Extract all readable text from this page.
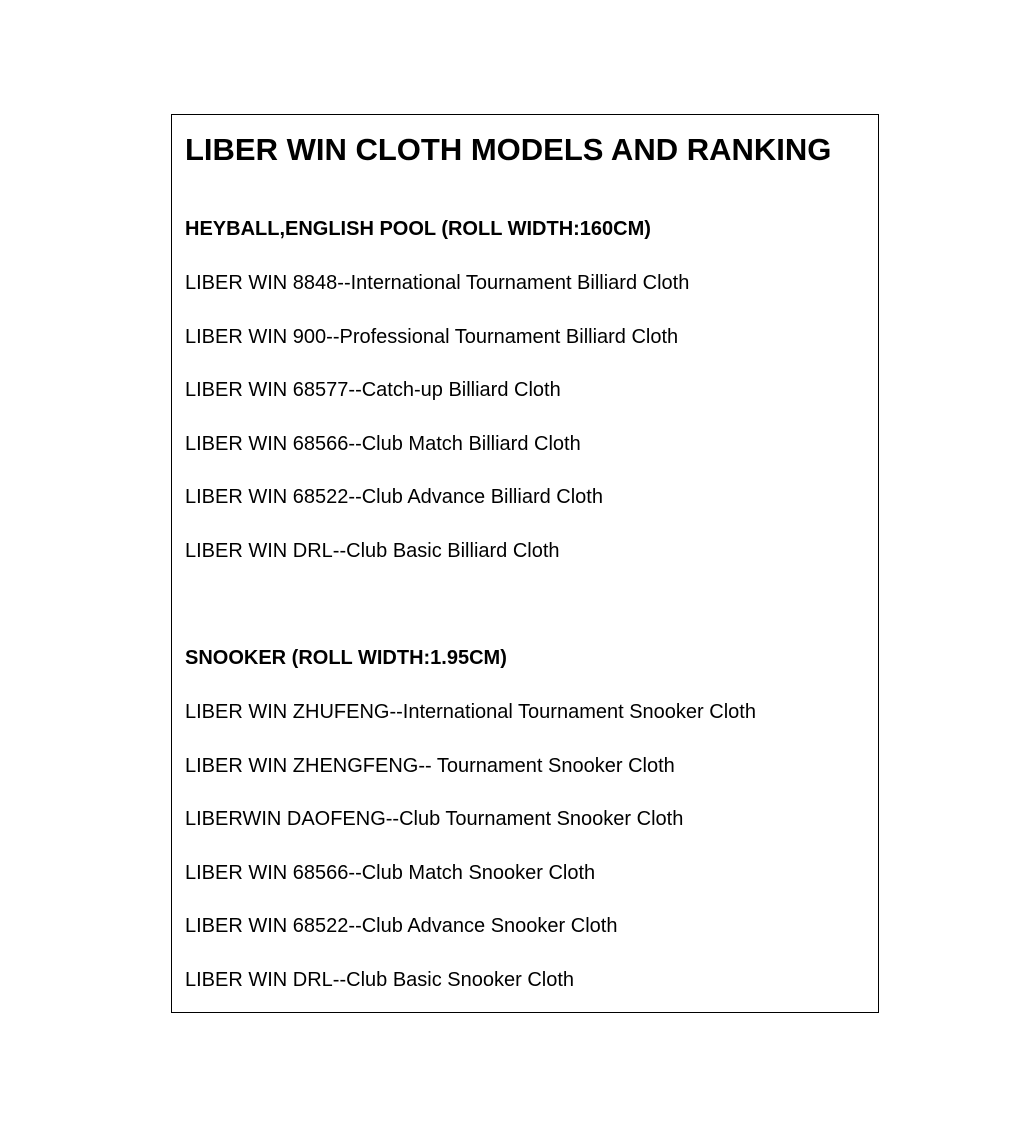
LIBER WIN CLOTH MODELS AND RANKING
HEYBALL,ENGLISH POOL (ROLL WIDTH:160CM)
LIBER WIN 8848--International Tournament Billiard Cloth
LIBER WIN 900--Professional Tournament Billiard Cloth
LIBER WIN 68577--Catch-up Billiard Cloth
LIBER WIN 68566--Club Match Billiard Cloth
LIBER WIN 68522--Club Advance Billiard Cloth
LIBER WIN DRL--Club Basic Billiard Cloth
SNOOKER (ROLL WIDTH:1.95CM)
LIBER WIN ZHUFENG--International Tournament Snooker Cloth
LIBER WIN ZHENGFENG-- Tournament Snooker Cloth
LIBERWIN DAOFENG--Club Tournament Snooker Cloth
LIBER WIN 68566--Club Match Snooker Cloth
LIBER WIN 68522--Club Advance Snooker Cloth
LIBER WIN DRL--Club Basic Snooker Cloth
